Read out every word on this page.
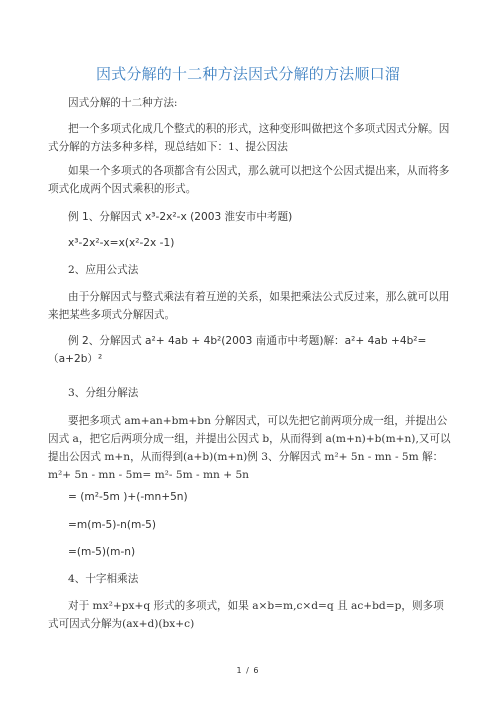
因式分解的十二种方法因式分解的方法顺口溜
因式分解的十二种方法:
把一个多项式化成几个整式的积的形式，这种变形叫做把这个多项式因式分解。因式分解的方法多种多样，现总结如下：1、提公因法
如果一个多项式的各项都含有公因式，那么就可以把这个公因式提出来，从而将多项式化成两个因式乘积的形式。
例 1、分解因式 x³-2x²-x (2003 淮安市中考题)
x³-2x²-x=x(x²-2x -1)
2、应用公式法
由于分解因式与整式乘法有着互逆的关系，如果把乘法公式反过来，那么就可以用来把某些多项式分解因式。
例 2、分解因式 a²+ 4ab + 4b²(2003 南通市中考题)解：a²+ 4ab +4b²=（a+2b）²
3、分组分解法
要把多项式 am+an+bm+bn 分解因式，可以先把它前两项分成一组，并提出公因式 a，把它后两项分成一组，并提出公因式 b，从而得到 a(m+n)+b(m+n),又可以提出公因式 m+n，从而得到(a+b)(m+n)例 3、分解因式 m²+ 5n - mn - 5m 解：m²+ 5n - mn - 5m= m²- 5m - mn + 5n
= (m²-5m )+(-mn+5n)
=m(m-5)-n(m-5)
=(m-5)(m-n)
4、十字相乘法
对于 mx²+px+q 形式的多项式，如果 a×b=m,c×d=q 且 ac+bd=p，则多项式可因式分解为(ax+d)(bx+c)
1 / 6
